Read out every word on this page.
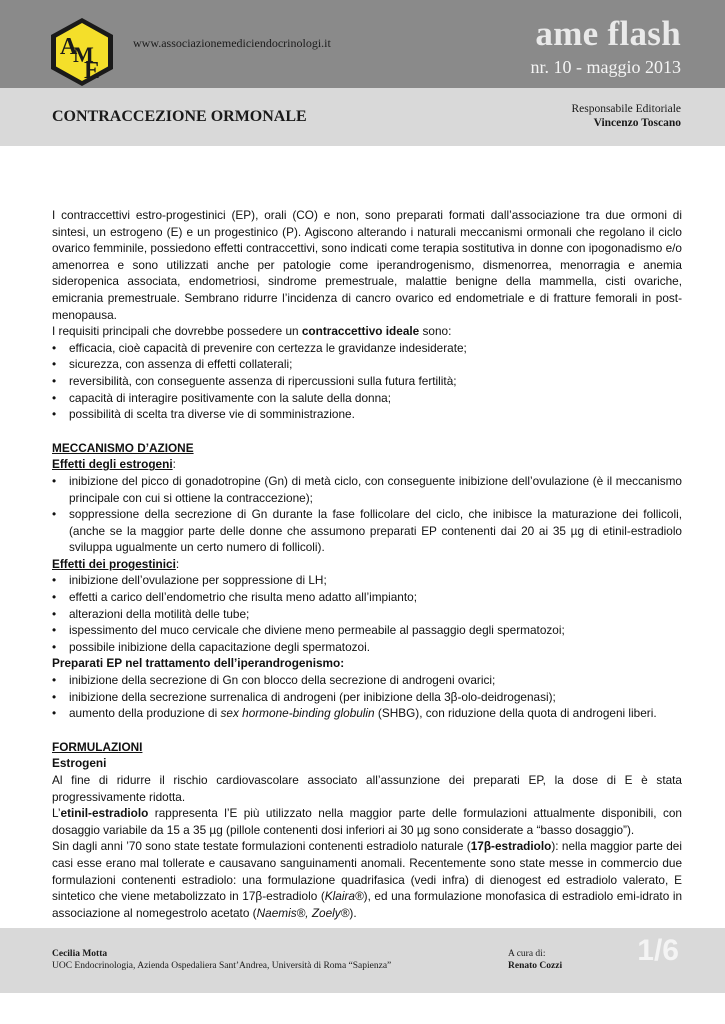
A
M
E
www.associazionemediciendocrinologi.it	ame flash
nr. 10 - maggio 2013
CONTRACCEZIONE ORMONALE	Responsabile Editoriale
Vincenzo Toscano

I contraccettivi estro-progestinici (EP), orali (CO) e non, sono preparati formati dall’associazione tra due ormoni di sintesi, un estrogeno (E) e un progestinico (P). Agiscono alterando i naturali meccanismi ormonali che regolano il ciclo ovarico femminile, possiedono effetti contraccettivi, sono indicati come terapia sostitutiva in donne con ipogonadismo e/o amenorrea e sono utilizzati anche per patologie come iperandrogenismo, dismenorrea, menorragia e anemia sideropenica associata, endometriosi, sindrome premestruale, malattie benigne della mammella, cisti ovariche, emicrania premestruale. Sembrano ridurre l’incidenza di cancro ovarico ed endometriale e di fratture femorali in post-menopausa.

I requisiti principali che dovrebbe possedere un contraccettivo ideale sono:

• efficacia, cioè capacità di prevenire con certezza le gravidanze indesiderate;
• sicurezza, con assenza di effetti collaterali;
• reversibilità, con conseguente assenza di ripercussioni sulla futura fertilità;
• capacità di interagire positivamente con la salute della donna;
• possibilità di scelta tra diverse vie di somministrazione.

MECCANISMO D’AZIONE

Effetti degli estrogeni:

• inibizione del picco di gonadotropine (Gn) di metà ciclo, con conseguente inibizione dell’ovulazione (è il meccanismo principale con cui si ottiene la contraccezione);
• soppressione della secrezione di Gn durante la fase follicolare del ciclo, che inibisce la maturazione dei follicoli, (anche se la maggior parte delle donne che assumono preparati EP contenenti dai 20 ai 35 µg di etinil-estradiolo sviluppa ugualmente un certo numero di follicoli).

Effetti dei progestinici:

• inibizione dell’ovulazione per soppressione di LH;
• effetti a carico dell’endometrio che risulta meno adatto all’impianto;
• alterazioni della motilità delle tube;
• ispessimento del muco cervicale che diviene meno permeabile al passaggio degli spermatozoi;
• possibile inibizione della capacitazione degli spermatozoi.

Preparati EP nel trattamento dell’iperandrogenismo:

• inibizione della secrezione di Gn con blocco della secrezione di androgeni ovarici;
• inibizione della secrezione surrenalica di androgeni (per inibizione della 3β-olo-deidrogenasi);
• aumento della produzione di sex hormone-binding globulin (SHBG), con riduzione della quota di androgeni liberi.

FORMULAZIONI

Estrogeni

Al fine di ridurre il rischio cardiovascolare associato all’assunzione dei preparati EP, la dose di E è stata progressivamente ridotta.

L’etinil-estradiolo rappresenta l’E più utilizzato nella maggior parte delle formulazioni attualmente disponibili, con dosaggio variabile da 15 a 35 µg (pillole contenenti dosi inferiori ai 30 µg sono considerate a “basso dosaggio”).

Sin dagli anni ’70 sono state testate formulazioni contenenti estradiolo naturale (17β-estradiolo): nella maggior parte dei casi esse erano mal tollerate e causavano sanguinamenti anomali. Recentemente sono state messe in commercio due formulazioni contenenti estradiolo: una formulazione quadrifasica (vedi infra) di dienogest ed estradiolo valerato, E sintetico che viene metabolizzato in 17β-estradiolo (Klaira®), ed una formulazione monofasica di estradiolo emi-idrato in associazione al nomegestrolo acetato (Naemis®, Zoely®).

Cecilia Motta
UOC Endocrinologia, Azienda Ospedaliera Sant’Andrea, Università di Roma “Sapienza”
A cura di:
Renato Cozzi	1/6
